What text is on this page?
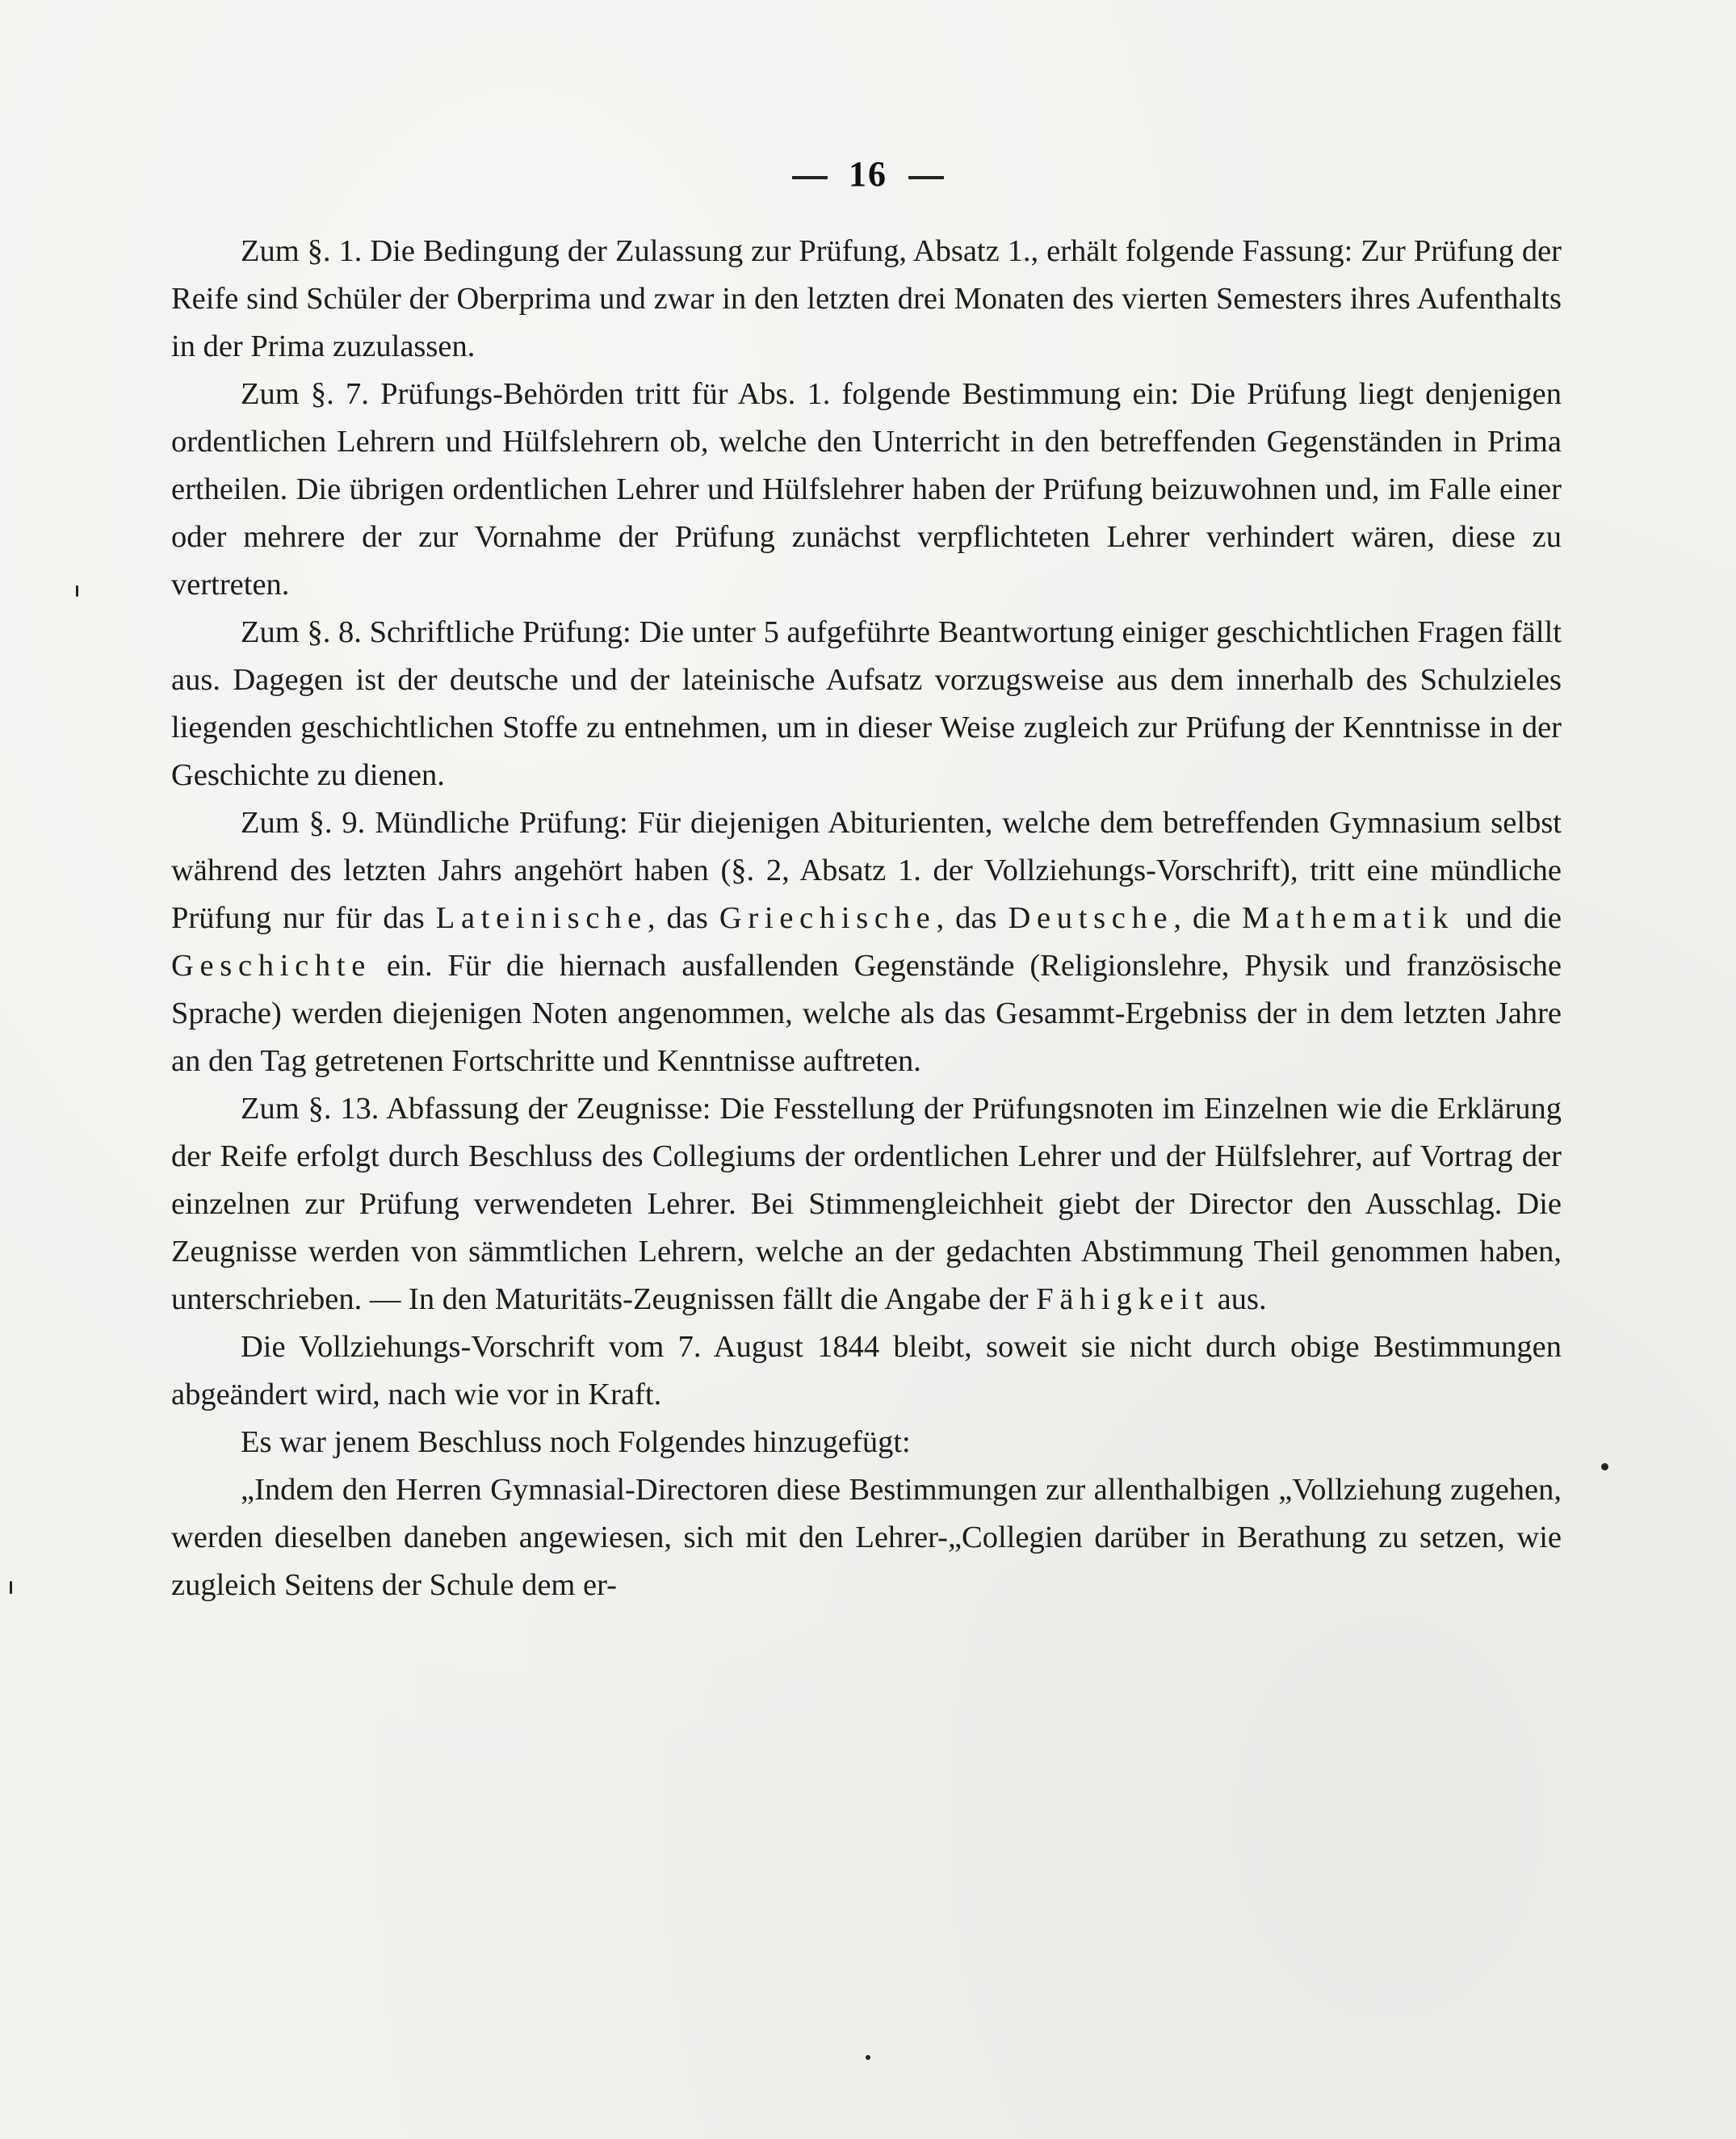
16

Zum §. 1. Die Bedingung der Zulassung zur Prüfung, Absatz 1., erhält folgende Fassung: Zur Prüfung der Reife sind Schüler der Oberprima und zwar in den letzten drei Monaten des vierten Semesters ihres Aufenthalts in der Prima zuzulassen.

Zum §. 7. Prüfungs-Behörden tritt für Abs. 1. folgende Bestimmung ein: Die Prüfung liegt denjenigen ordentlichen Lehrern und Hülfslehrern ob, welche den Unterricht in den betreffenden Gegenständen in Prima ertheilen. Die übrigen ordentlichen Lehrer und Hülfslehrer haben der Prüfung beizuwohnen und, im Falle einer oder mehrere der zur Vornahme der Prüfung zunächst verpflichteten Lehrer verhindert wären, diese zu vertreten.

Zum §. 8. Schriftliche Prüfung: Die unter 5 aufgeführte Beantwortung einiger geschichtlichen Fragen fällt aus. Dagegen ist der deutsche und der lateinische Aufsatz vorzugsweise aus dem innerhalb des Schulzieles liegenden geschichtlichen Stoffe zu entnehmen, um in dieser Weise zugleich zur Prüfung der Kenntnisse in der Geschichte zu dienen.

Zum §. 9. Mündliche Prüfung: Für diejenigen Abiturienten, welche dem betreffenden Gymnasium selbst während des letzten Jahrs angehört haben (§. 2, Absatz 1. der Vollziehungs-Vorschrift), tritt eine mündliche Prüfung nur für das Lateinische, das Griechische, das Deutsche, die Mathematik und die Geschichte ein. Für die hiernach ausfallenden Gegenstände (Religionslehre, Physik und französische Sprache) werden diejenigen Noten angenommen, welche als das Gesammt-Ergebniss der in dem letzten Jahre an den Tag getretenen Fortschritte und Kenntnisse auftreten.

Zum §. 13. Abfassung der Zeugnisse: Die Fesstellung der Prüfungsnoten im Einzelnen wie die Erklärung der Reife erfolgt durch Beschluss des Collegiums der ordentlichen Lehrer und der Hülfslehrer, auf Vortrag der einzelnen zur Prüfung verwendeten Lehrer. Bei Stimmengleichheit giebt der Director den Ausschlag. Die Zeugnisse werden von sämmtlichen Lehrern, welche an der gedachten Abstimmung Theil genommen haben, unterschrieben. — In den Maturitäts-Zeugnissen fällt die Angabe der Fähigkeit aus.

Die Vollziehungs-Vorschrift vom 7. August 1844 bleibt, soweit sie nicht durch obige Bestimmungen abgeändert wird, nach wie vor in Kraft.

Es war jenem Beschluss noch Folgendes hinzugefügt:

„Indem den Herren Gymnasial-Directoren diese Bestimmungen zur allenthalbigen „Vollziehung zugehen, werden dieselben daneben angewiesen, sich mit den Lehrer-„Collegien darüber in Berathung zu setzen, wie zugleich Seitens der Schule dem er-
